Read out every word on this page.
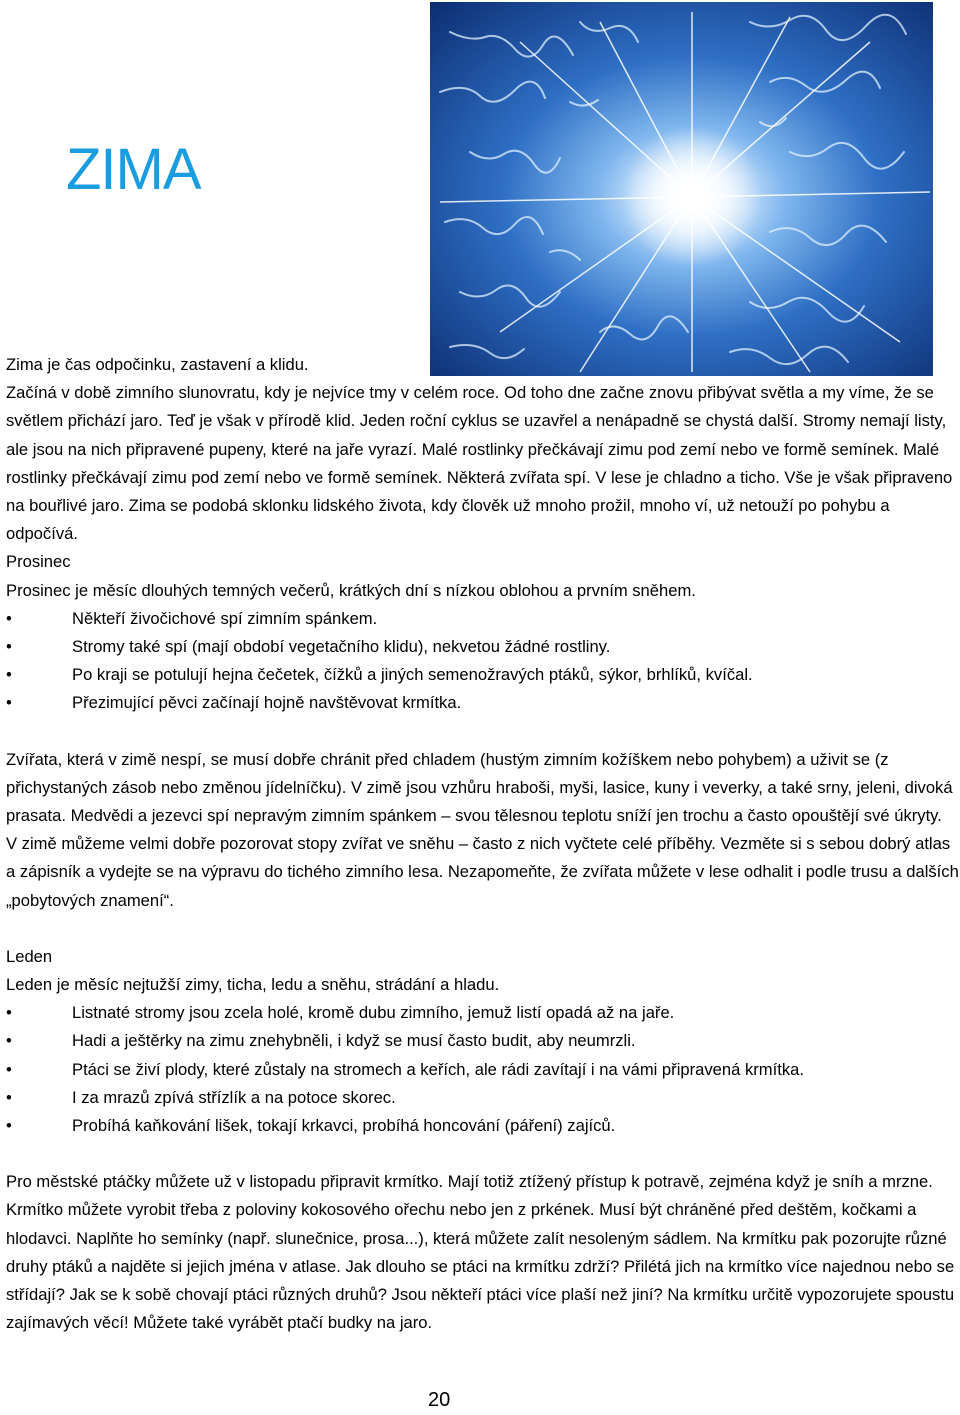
ZIMA

Zima je čas odpočinku, zastavení a klidu.

Začíná v době zimního slunovratu, kdy je nejvíce tmy v celém roce. Od toho dne začne znovu přibývat světla a my víme, že se světlem přichází jaro. Teď je však v přírodě klid. Jeden roční cyklus se uzavřel a nenápadně se chystá další. Stromy nemají listy, ale jsou na nich připravené pupeny, které na jaře vyrazí. Malé rostlinky přečkávají zimu pod zemí nebo ve formě semínek. Malé rostlinky přečkávají zimu pod zemí nebo ve formě semínek. Některá zvířata spí. V lese je chladno a ticho. Vše je však připraveno na bouřlivé jaro. Zima se podobá sklonku lidského života, kdy člověk už mnoho prožil, mnoho ví, už netouží po pohybu a odpočívá.

Prosinec

Prosinec je měsíc dlouhých temných večerů, krátkých dní s nízkou oblohou a prvním sněhem.

• Někteří živočichové spí zimním spánkem.
• Stromy také spí (mají období vegetačního klidu), nekvetou žádné rostliny.
• Po kraji se potulují hejna čečetek, čížků a jiných semenožravých ptáků, sýkor, brhlíků, kvíčal.
• Přezimující pěvci začínají hojně navštěvovat krmítka.

Zvířata, která v zimě nespí, se musí dobře chránit před chladem (hustým zimním kožíškem nebo pohybem) a uživit se (z přichystaných zásob nebo změnou jídelníčku). V zimě jsou vzhůru hraboši, myši, lasice, kuny i veverky, a také srny, jeleni, divoká prasata. Medvědi a jezevci spí nepravým zimním spánkem – svou tělesnou teplotu sníží jen trochu a často opouštějí své úkryty.

V zimě můžeme velmi dobře pozorovat stopy zvířat ve sněhu – často z nich vyčtete celé příběhy. Vezměte si s sebou dobrý atlas a zápisník a vydejte se na výpravu do tichého zimního lesa. Nezapomeňte, že zvířata můžete v lese odhalit i podle trusu a dalších „pobytových znamení“.

Leden

Leden je měsíc nejtužší zimy, ticha, ledu a sněhu, strádání a hladu.

• Listnaté stromy jsou zcela holé, kromě dubu zimního, jemuž listí opadá až na jaře.
• Hadi a ještěrky na zimu znehybněli, i když se musí často budit, aby neumrzli.
• Ptáci se živí plody, které zůstaly na stromech a keřích, ale rádi zavítají i na vámi připravená krmítka.
• I za mrazů zpívá střízlík a na potoce skorec.
• Probíhá kaňkování lišek, tokají krkavci, probíhá honcování (páření) zajíců.

Pro městské ptáčky můžete už v listopadu připravit krmítko. Mají totiž ztížený přístup k potravě, zejména když je sníh a mrzne. Krmítko můžete vyrobit třeba z poloviny kokosového ořechu nebo jen z prkének. Musí být chráněné před deštěm, kočkami a hlodavci. Naplňte ho semínky (např. slunečnice, prosa...), která můžete zalít nesoleným sádlem. Na krmítku pak pozorujte různé druhy ptáků a najděte si jejich jména v atlase. Jak dlouho se ptáci na krmítku zdrží? Přilétá jich na krmítko více najednou nebo se střídají? Jak se k sobě chovají ptáci různých druhů? Jsou někteří ptáci více plaší než jiní? Na krmítku určitě vypozorujete spoustu zajímavých věcí! Můžete také vyrábět ptačí budky na jaro.

20
